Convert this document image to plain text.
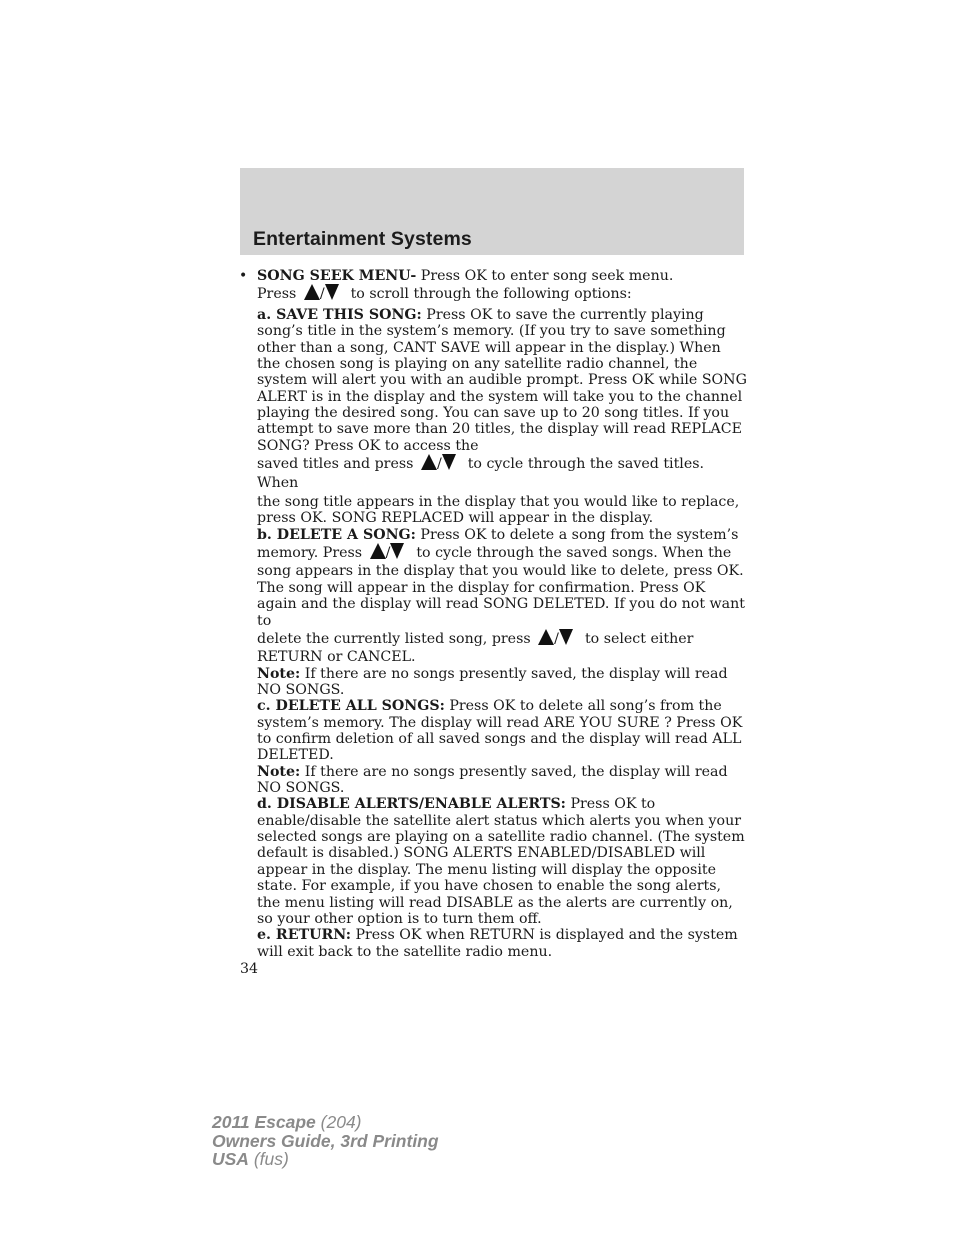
Entertainment Systems
• SONG SEEK MENU- Press OK to enter song seek menu.

Press / to scroll through the following options:

a. SAVE THIS SONG: Press OK to save the currently playing song’s title in the system’s memory. (If you try to save something other than a song, CANT SAVE will appear in the display.) When the chosen song is playing on any satellite radio channel, the system will alert you with an audible prompt. Press OK while SONG ALERT is in the display and the system will take you to the channel playing the desired song. You can save up to 20 song titles. If you attempt to save more than 20 titles, the display will read REPLACE SONG? Press OK to access the

saved titles and press / to cycle through the saved titles. When

the song title appears in the display that you would like to replace, press OK. SONG REPLACED will appear in the display.

b. DELETE A SONG: Press OK to delete a song from the system’s

memory. Press / to cycle through the saved songs. When the

song appears in the display that you would like to delete, press OK. The song will appear in the display for confirmation. Press OK again and the display will read SONG DELETED. If you do not want to

delete the currently listed song, press / to select either

RETURN or CANCEL.

Note: If there are no songs presently saved, the display will read NO SONGS.

c. DELETE ALL SONGS: Press OK to delete all song’s from the system’s memory. The display will read ARE YOU SURE ? Press OK to confirm deletion of all saved songs and the display will read ALL DELETED.

Note: If there are no songs presently saved, the display will read NO SONGS.

d. DISABLE ALERTS/ENABLE ALERTS: Press OK to enable/disable the satellite alert status which alerts you when your selected songs are playing on a satellite radio channel. (The system default is disabled.) SONG ALERTS ENABLED/DISABLED will appear in the display. The menu listing will display the opposite state. For example, if you have chosen to enable the song alerts, the menu listing will read DISABLE as the alerts are currently on, so your other option is to turn them off.

e. RETURN: Press OK when RETURN is displayed and the system will exit back to the satellite radio menu.

34
2011 Escape (204)
Owners Guide, 3rd Printing
USA (fus)
